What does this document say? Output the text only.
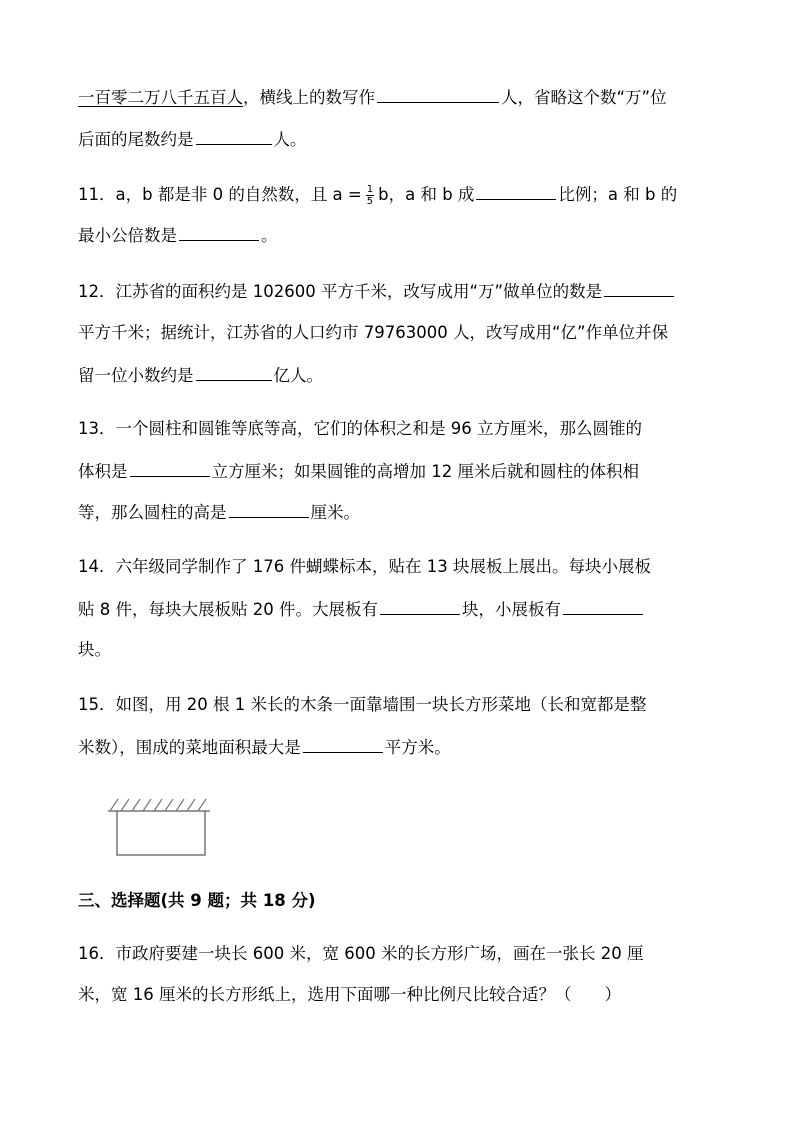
一百零二万八千五百人，横线上的数写作	人，省略这个数“万”位
后面的尾数约是	人。
11．a，b 都是非 0 的自然数，且 $a = \frac{1}{5}$ b，a 和 b 成	比例；a 和 b 的
最小公倍数是	。
12．江苏省的面积约是 102600 平方千米，改写成用“万”做单位的数是
平方千米；据统计，江苏省的人口约市 79763000 人，改写成用“亿”作单位并保
留一位小数约是	亿人。
13．一个圆柱和圆锥等底等高，它们的体积之和是 96 立方厘米，那么圆锥的
体积是	立方厘米；如果圆锥的高增加 12 厘米后就和圆柱的体积相
等，那么圆柱的高是	厘米。
14．六年级同学制作了 176 件蝴蝶标本，贴在 13 块展板上展出。每块小展板
贴 8 件，每块大展板贴 20 件。大展板有	块，小展板有
块。
15．如图，用 20 根 1 米长的木条一面靠墙围一块长方形菜地（长和宽都是整
米数），围成的菜地面积最大是	平方米。
三、选择题(共 9 题；共 18 分)
16．市政府要建一块长 600 米，宽 600 米的长方形广场，画在一张长 20 厘
米，宽 16 厘米的长方形纸上，选用下面哪一种比例尺比较合适？（　　）
